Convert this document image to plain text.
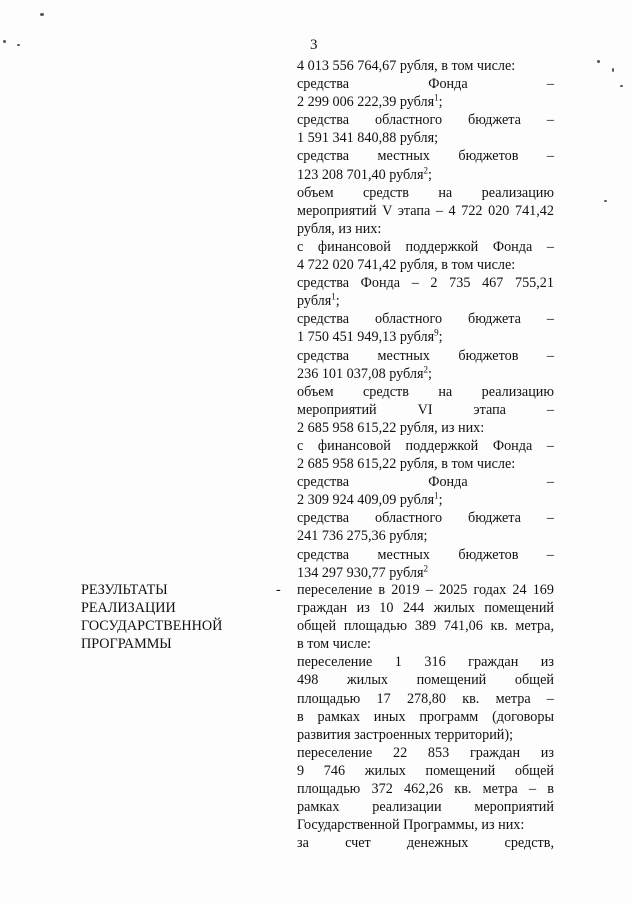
3
4 013 556 764,67 рубля, в том числе:
средства Фонда –
2 299 006 222,39 рубля$^1$;
средства областного бюджета –
1 591 341 840,88 рубля;
средства местных бюджетов –
123 208 701,40 рубля$^2$;
объем средств на реализацию
мероприятий V этапа – 4 722 020 741,42
рубля, из них:
с финансовой поддержкой Фонда –
4 722 020 741,42 рубля, в том числе:
средства Фонда – 2 735 467 755,21
рубля$^1$;
средства областного бюджета –
1 750 451 949,13 рубля$^9$;
средства местных бюджетов –
236 101 037,08 рубля$^2$;
объем средств на реализацию
мероприятий VI этапа –
2 685 958 615,22 рубля, из них:
с финансовой поддержкой Фонда –
2 685 958 615,22 рубля, в том числе:
средства Фонда –
2 309 924 409,09 рубля$^1$;
средства областного бюджета –
241 736 275,36 рубля;
средства местных бюджетов –
134 297 930,77 рубля$^2$
РЕЗУЛЬТАТЫ
РЕАЛИЗАЦИИ
ГОСУДАРСТВЕННОЙ
ПРОГРАММЫ
- переселение в 2019 – 2025 годах 24 169
граждан из 10 244 жилых помещений
общей площадью 389 741,06 кв. метра,
в том числе:
переселение 1 316 граждан из
498 жилых помещений общей
площадью 17 278,80 кв. метра –
в рамках иных программ (договоры
развития застроенных территорий);
переселение 22 853 граждан из
9 746 жилых помещений общей
площадью 372 462,26 кв. метра – в
рамках реализации мероприятий
Государственной Программы, из них:
за счет денежных средств,
